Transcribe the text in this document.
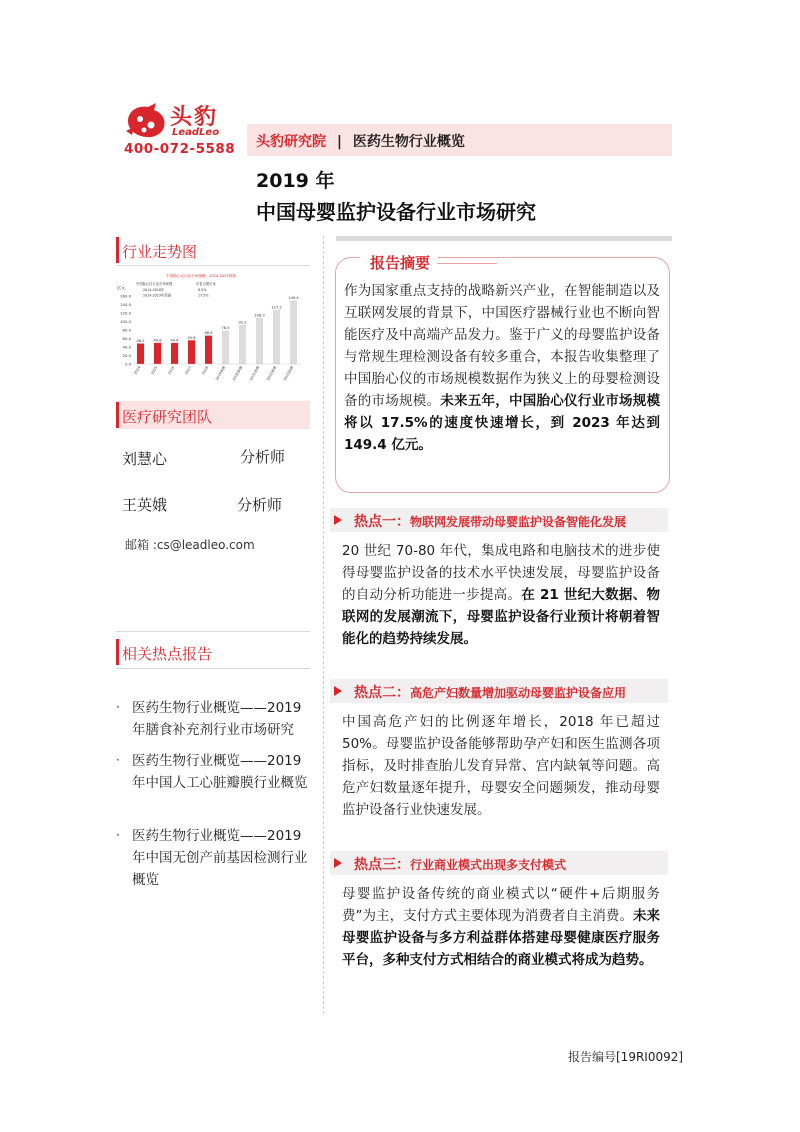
头豹
LeadLeo
400-072-5588 头豹研究院 | 医药生物行业概览
2019 年
中国母婴监护设备行业市场研究
行业走势图
中国胎心仪行业市场规模，2014-2023预测
亿元
0.0
20.0
40.0
60.0
80.0
100.0
120.0
140.0
160.0
中国胎心仪行业市场规模	年复合增长率
2014-2018年	8.5%
2019-2023年预测	17.5%
48.2
2014
49.8
2015
49.6
2016
55.8
2017
66.8
2018
78.5
2019预测
92.2
2020预测
108.3
2021预测
127.2
2022预测
149.4
2023预测
医疗研究团队
刘慧心	分析师
王英娥	分析师
邮箱 :cs@leadleo.com
相关热点报告
· 医药生物行业概览——2019年膳食补充剂行业市场研究
· 医药生物行业概览——2019年中国人工心脏瓣膜行业概览
· 医药生物行业概览——2019年中国无创产前基因检测行业概览
报告摘要
作为国家重点支持的战略新兴产业，在智能制造以及互联网发展的背景下，中国医疗器械行业也不断向智能医疗及中高端产品发力。鉴于广义的母婴监护设备与常规生理检测设备有较多重合，本报告收集整理了中国胎心仪的市场规模数据作为狭义上的母婴检测设备的市场规模。未来五年，中国胎心仪行业市场规模将以 17.5%的速度快速增长，到 2023 年达到 149.4 亿元。
热点一：物联网发展带动母婴监护设备智能化发展
20 世纪 70-80 年代，集成电路和电脑技术的进步使得母婴监护设备的技术水平快速发展，母婴监护设备的自动分析功能进一步提高。在 21 世纪大数据、物联网的发展潮流下，母婴监护设备行业预计将朝着智能化的趋势持续发展。
热点二：高危产妇数量增加驱动母婴监护设备应用
中国高危产妇的比例逐年增长，2018 年已超过 50%。母婴监护设备能够帮助孕产妇和医生监测各项指标，及时排查胎儿发育异常、宫内缺氧等问题。高危产妇数量逐年提升，母婴安全问题频发，推动母婴监护设备行业快速发展。
热点三：行业商业模式出现多支付模式
母婴监护设备传统的商业模式以“硬件+后期服务费”为主，支付方式主要体现为消费者自主消费。未来母婴监护设备与多方利益群体搭建母婴健康医疗服务平台，多种支付方式相结合的商业模式将成为趋势。
报告编号[19RI0092]
